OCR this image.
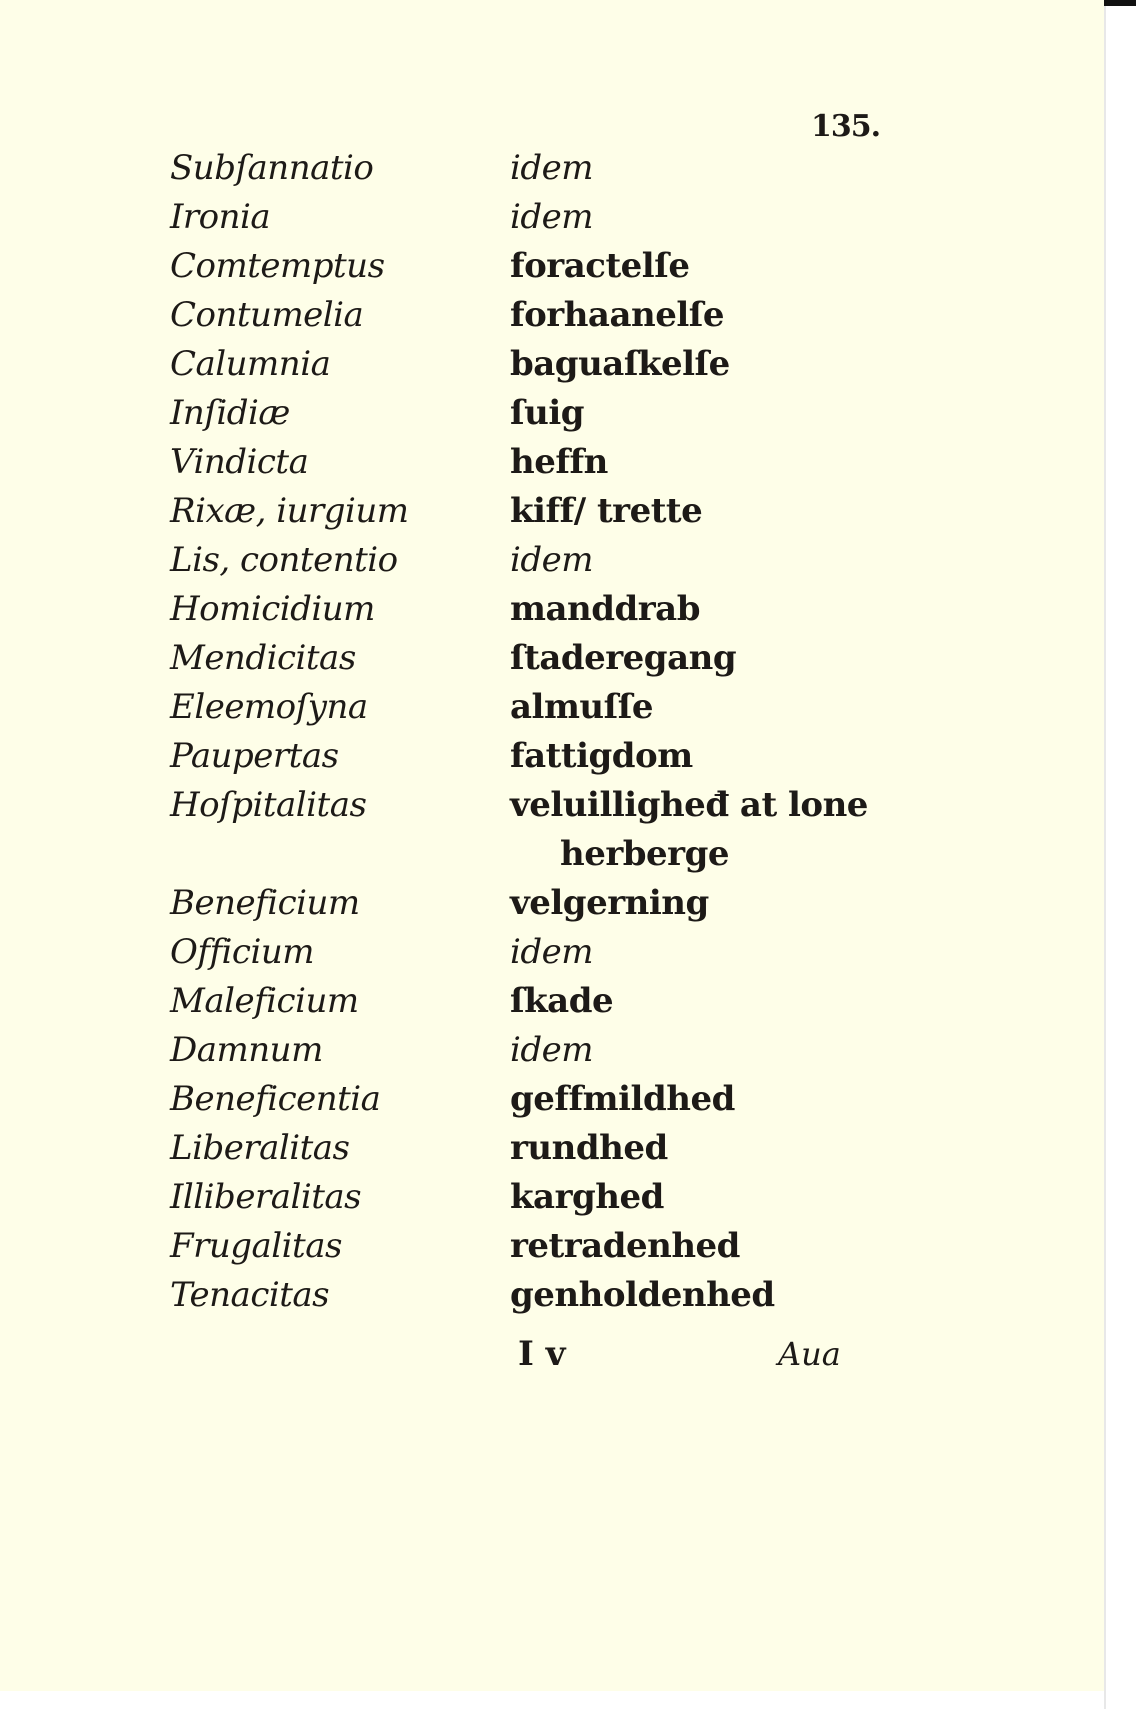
135.
Subſannatio	idem
Ironia	idem
Comtemptus	foractelſe
Contumelia	forhaanelſe
Calumnia	baguaſkelſe
Inſidiæ	ſuig
Vindicta	heffn
Rixæ, iurgium	kiff/ trette
Lis, contentio	idem
Homicidium	manddrab
Mendicitas	ſtaderegang
Eleemoſyna	almuſſe
Paupertas	fattigdom
Hoſpitalitas	veluilligheđ at lone
herberge
Beneficium	velgerning
Officium	idem
Maleficium	ſkade
Damnum	idem
Beneficentia	geffmildhed
Liberalitas	rundhed
Illiberalitas	karghed
Frugalitas	retradenhed
Tenacitas	genholdenhed
I v	Aua
